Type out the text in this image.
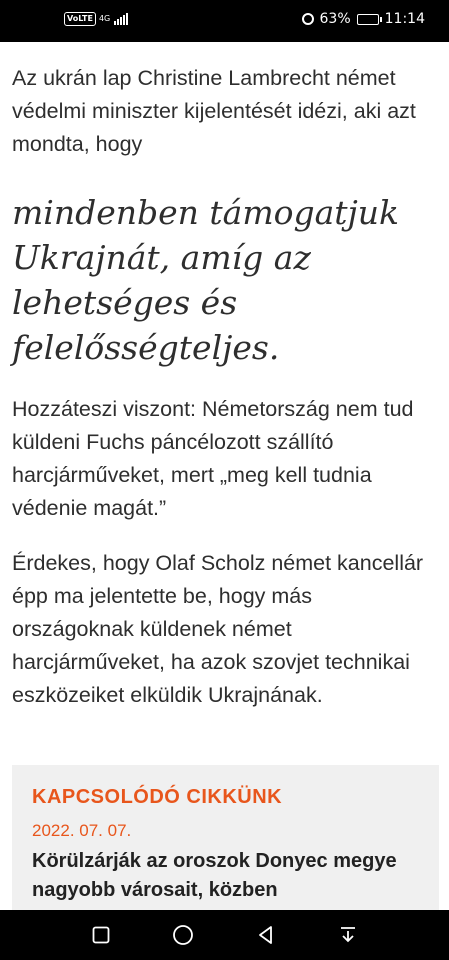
VoLTE 4G	63% 11:14

Az ukrán lap Christine Lambrecht német védelmi miniszter kijelentését idézi, aki azt mondta, hogy

mindenben támogatjuk Ukrajnát, amíg az lehetséges és felelősségteljes.

Hozzáteszi viszont: Németország nem tud küldeni Fuchs páncélozott szállító harcjárműveket, mert „meg kell tudnia védenie magát.”

Érdekes, hogy Olaf Scholz német kancellár épp ma jelentette be, hogy más országoknak küldenek német harcjárműveket, ha azok szovjet technikai eszközeiket elküldik Ukrajnának.

KAPCSOLÓDÓ CIKKÜNK

2022. 07. 07.
Körülzárják az oroszok Donyec megye nagyobb városait, közben
